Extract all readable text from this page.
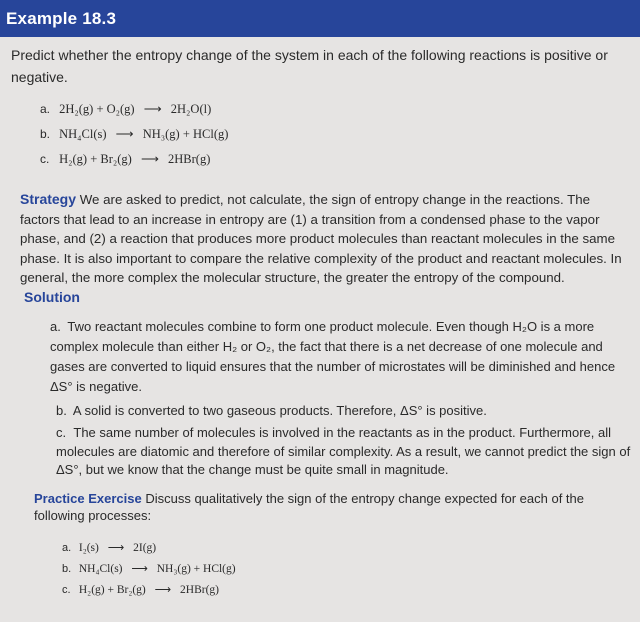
Example 18.3
Predict whether the entropy change of the system in each of the following reactions is positive or negative.
a. 2H₂(g) + O₂(g) ⟶ 2H₂O(l)
b. NH₄Cl(s) ⟶ NH₃(g) + HCl(g)
c. H₂(g) + Br₂(g) ⟶ 2HBr(g)
Strategy We are asked to predict, not calculate, the sign of entropy change in the reactions. The factors that lead to an increase in entropy are (1) a transition from a condensed phase to the vapor phase, and (2) a reaction that produces more product molecules than reactant molecules in the same phase. It is also important to compare the relative complexity of the product and reactant molecules. In general, the more complex the molecular structure, the greater the entropy of the compound.
Solution
a. Two reactant molecules combine to form one product molecule. Even though H₂O is a more complex molecule than either H₂ or O₂, the fact that there is a net decrease of one molecule and gases are converted to liquid ensures that the number of microstates will be diminished and hence ΔS° is negative.
b. A solid is converted to two gaseous products. Therefore, ΔS° is positive.
c. The same number of molecules is involved in the reactants as in the product. Furthermore, all molecules are diatomic and therefore of similar complexity. As a result, we cannot predict the sign of ΔS°, but we know that the change must be quite small in magnitude.
Practice Exercise Discuss qualitatively the sign of the entropy change expected for each of the following processes:
a. I₂(s) ⟶ 2I(g)
b. NH₄Cl(s) ⟶ NH₃(g) + HCl(g)
c. H₂(g) + Br₂(g) ⟶ 2HBr(g)
